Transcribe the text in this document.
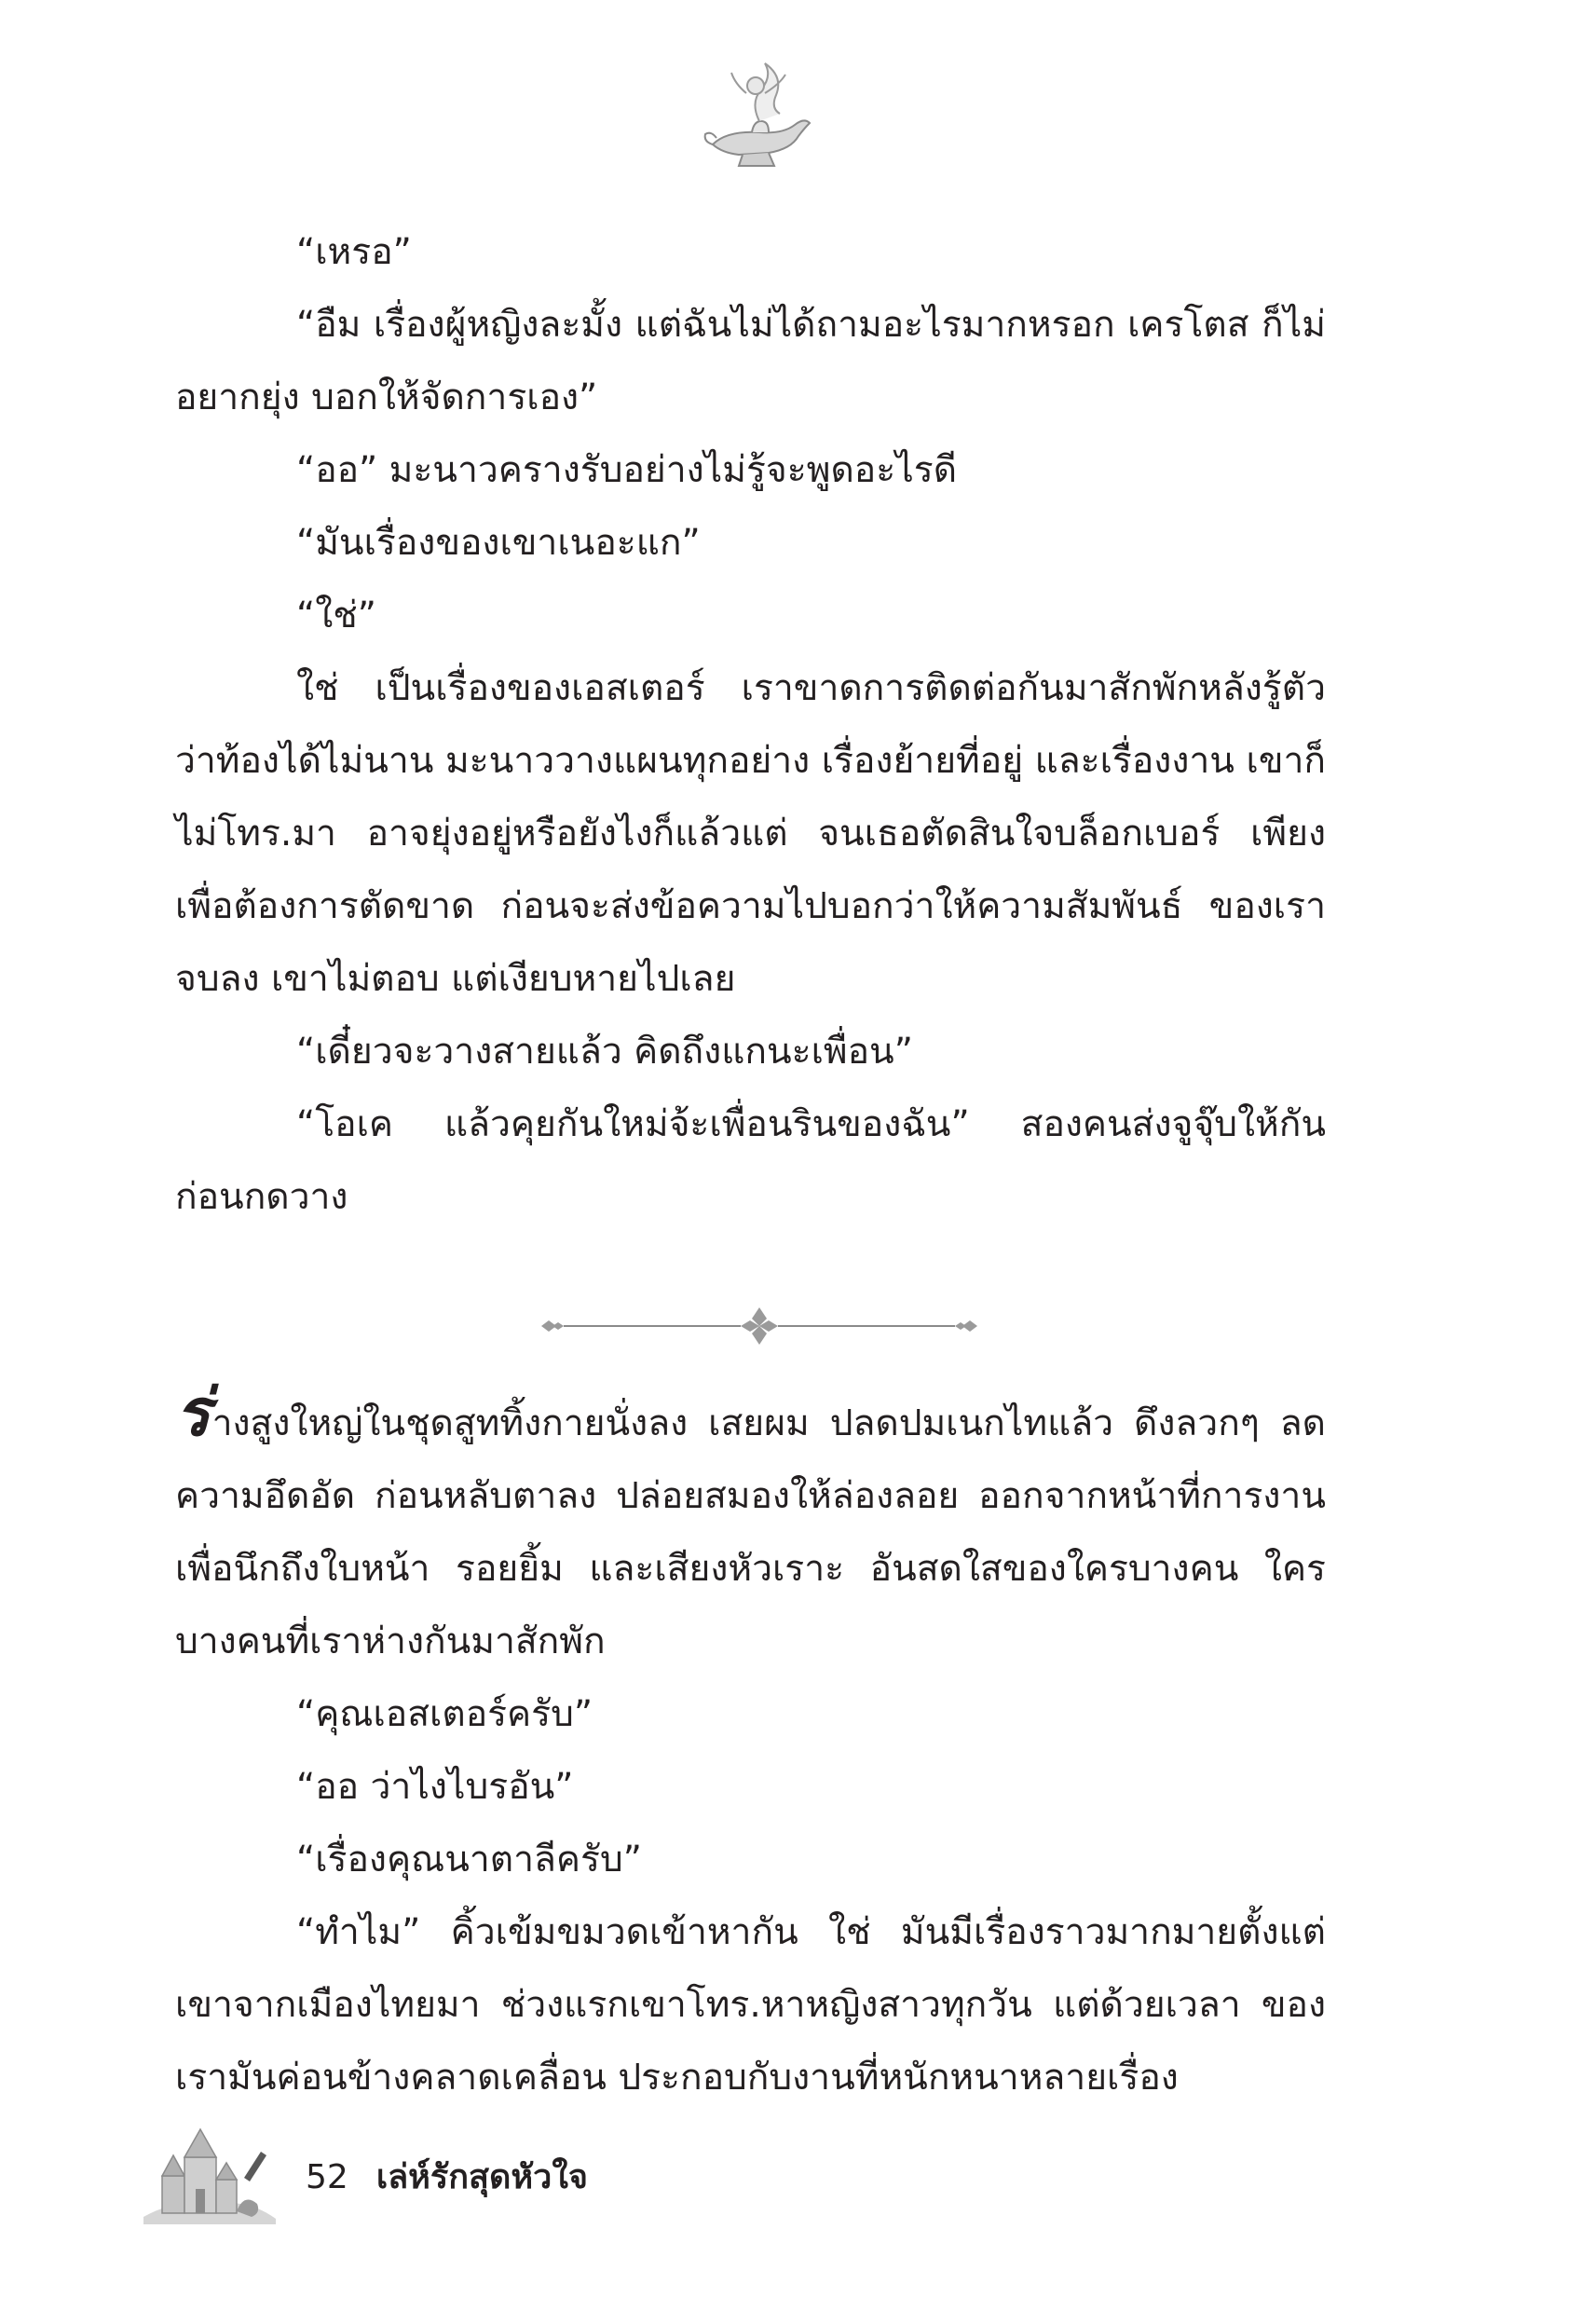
“เหรอ”

“อืม เรื่องผู้หญิงละมั้ง แต่ฉันไม่ได้ถามอะไรมากหรอก เครโตส ก็ไม่อยากยุ่ง บอกให้จัดการเอง”

“ออ” มะนาวครางรับอย่างไม่รู้จะพูดอะไรดี

“มันเรื่องของเขาเนอะแก”

“ใช่”

ใช่ เป็นเรื่องของเอสเตอร์ เราขาดการติดต่อกันมาสักพักหลังรู้ตัว ว่าท้องได้ไม่นาน มะนาววางแผนทุกอย่าง เรื่องย้ายที่อยู่ และเรื่องงาน เขาก็ไม่โทร.มา อาจยุ่งอยู่หรือยังไงก็แล้วแต่ จนเธอตัดสินใจบล็อกเบอร์ เพียงเพื่อต้องการตัดขาด ก่อนจะส่งข้อความไปบอกว่าให้ความสัมพันธ์ ของเราจบลง เขาไม่ตอบ แต่เงียบหายไปเลย

“เดี๋ยวจะวางสายแล้ว คิดถึงแกนะเพื่อน”

“โอเค แล้วคุยกันใหม่จ้ะเพื่อนรินของฉัน” สองคนส่งจูจุ๊บให้กัน ก่อนกดวาง

ร่างสูงใหญ่ในชุดสูททิ้งกายนั่งลง เสยผม ปลดปมเนกไทแล้ว ดึงลวกๆ ลดความอึดอัด ก่อนหลับตาลง ปล่อยสมองให้ล่องลอย ออกจากหน้าที่การงานเพื่อนึกถึงใบหน้า รอยยิ้ม และเสียงหัวเราะ อันสดใสของใครบางคน ใครบางคนที่เราห่างกันมาสักพัก

“คุณเอสเตอร์ครับ”

“ออ ว่าไงไบรอัน”

“เรื่องคุณนาตาลีครับ”

“ทำไม” คิ้วเข้มขมวดเข้าหากัน ใช่ มันมีเรื่องราวมากมายตั้งแต่ เขาจากเมืองไทยมา ช่วงแรกเขาโทร.หาหญิงสาวทุกวัน แต่ด้วยเวลา ของเรามันค่อนข้างคลาดเคลื่อน ประกอบกับงานที่หนักหนาหลายเรื่อง

52 เล่ห์รักสุดหัวใจ
